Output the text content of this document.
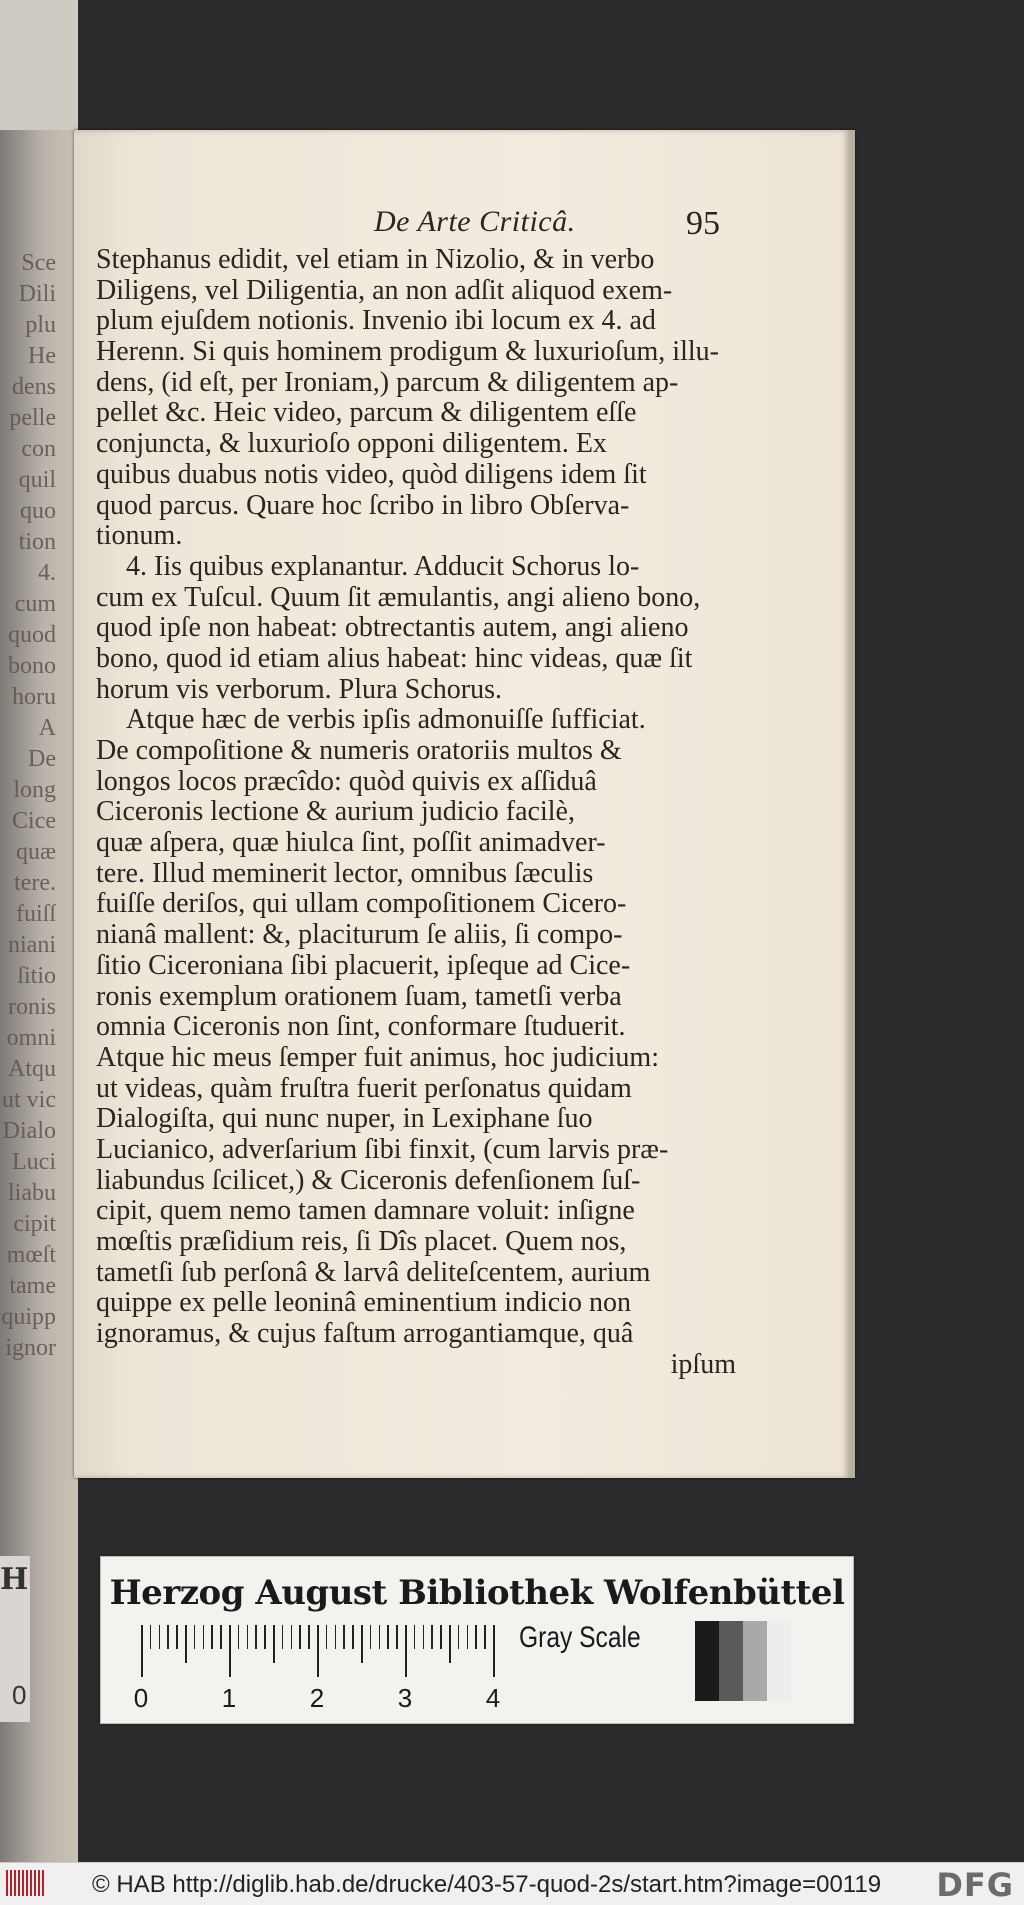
Sce
Dili
plu
He
dens
pelle
con
quil
quo
tion
4.
cum
quod
bono
horu
A
De
long
Cice
quæ
tere.
fuiſſ
niani
ſitio
ronis
omni
Atqu
ut vic
Dialo
Luci
liabu
cipit
mœſt
tame
quipp
ignor
De Arte Criticâ.	95
Stephanus edidit, vel etiam in Nizolio, & in verbo
Diligens, vel Diligentia, an non adſit aliquod exem-
plum ejuſdem notionis. Invenio ibi locum ex 4. ad
Herenn. Si quis hominem prodigum & luxurioſum, illu-
dens, (id eſt, per Ironiam,) parcum & diligentem ap-
pellet &c. Heic video, parcum & diligentem eſſe
conjuncta, & luxurioſo opponi diligentem. Ex
quibus duabus notis video, quòd diligens idem ſit
quod parcus. Quare hoc ſcribo in libro Obſerva-
tionum.
4. Iis quibus explanantur. Adducit Schorus lo-
cum ex Tuſcul. Quum ſit æmulantis, angi alieno bono,
quod ipſe non habeat: obtrectantis autem, angi alieno
bono, quod id etiam alius habeat: hinc videas, quæ ſit
horum vis verborum. Plura Schorus.
Atque hæc de verbis ipſis admonuiſſe ſufficiat.
De compoſitione & numeris oratoriis multos &
longos locos præcîdo: quòd quivis ex aſſiduâ
Ciceronis lectione & aurium judicio facilè,
quæ aſpera, quæ hiulca ſint, poſſit animadver-
tere. Illud meminerit lector, omnibus ſæculis
fuiſſe deriſos, qui ullam compoſitionem Cicero-
nianâ mallent: &, placiturum ſe aliis, ſi compo-
ſitio Ciceroniana ſibi placuerit, ipſeque ad Cice-
ronis exemplum orationem ſuam, tametſi verba
omnia Ciceronis non ſint, conformare ſtuduerit.
Atque hic meus ſemper fuit animus, hoc judicium:
ut videas, quàm fruſtra fuerit perſonatus quidam
Dialogiſta, qui nunc nuper, in Lexiphane ſuo
Lucianico, adverſarium ſibi finxit, (cum larvis præ-
liabundus ſcilicet,) & Ciceronis defenſionem ſuſ-
cipit, quem nemo tamen damnare voluit: inſigne
mœſtis præſidium reis, ſi Dîs placet. Quem nos,
tametſi ſub perſonâ & larvâ deliteſcentem, aurium
quippe ex pelle leoninâ eminentium indicio non
ignoramus, & cujus faſtum arrogantiamque, quâ
ipſum
H
0
Herzog August Bibliothek Wolfenbüttel
0	1	2	3	4
Gray Scale
© HAB http://diglib.hab.de/drucke/403-57-quod-2s/start.htm?image=00119 DFG
